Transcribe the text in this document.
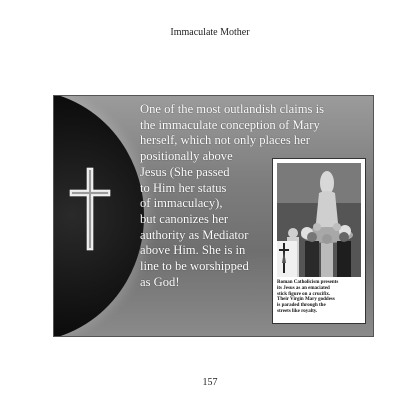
Immaculate Mother
One of the most outlandish claims is
the immaculate conception of Mary
herself, which not only places her
positionally above
Jesus (She passed
to Him her status
of immaculacy),
but canonizes her
authority as Mediator
above Him. She is in
line to be worshipped
as God!	Roman Catholicism presents
its Jesus as an emaciated
stick figure on a crucifix.
Their Virgin Mary goddess
is paraded through the
streets like royalty.
157
